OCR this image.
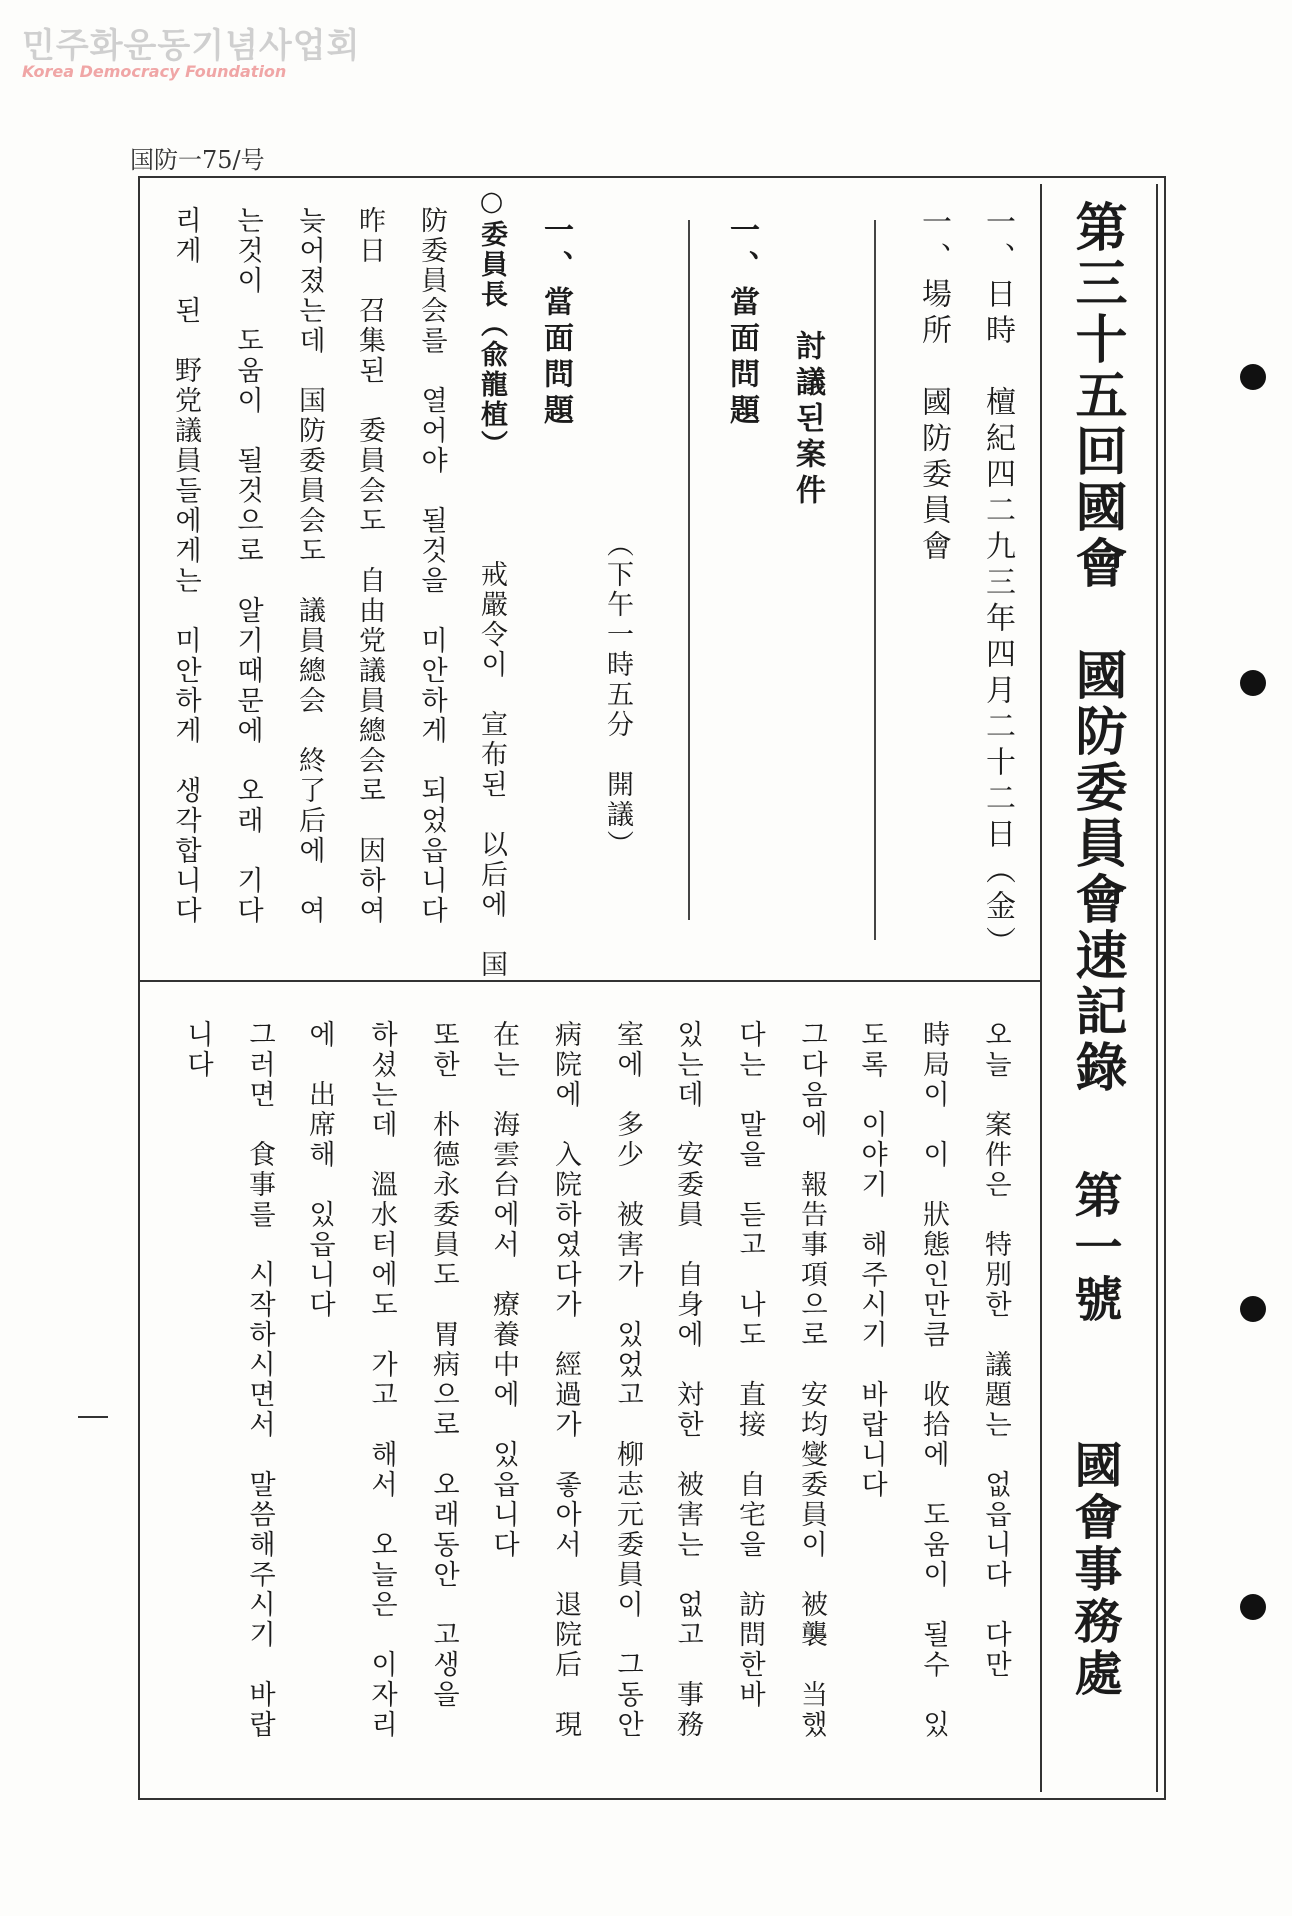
민주화운동기념사업회
Korea Democracy Foundation
国防一75/号
第三十五回國會　國防委員會速記錄
第一號
國會事務處
一、日時　檀紀四二九三年四月二十二日（金）
一、場所　國防委員會
討議된案件
一、當面問題
（下午一時五分　開議）
一、當面問題
○委員長（兪龍植）
戒嚴令이　宣布된　以后에　国
防委員会를　열어야　될것을　미안하게　되었읍니다
昨日　召集된　委員会도　自由党議員總会로　因하여
늦어졌는데　国防委員会도　議員總会　終了后에　여
는것이　도움이　될것으로　알기때문에　오래　기다
리게　된　野党議員들에게는　미안하게　생각합니다
오늘　案件은　特別한　議題는　없읍니다　다만
時局이　이　狀態인만큼　收拾에　도움이　될수　있
도록　이야기　해주시기　바랍니다
그다음에　報告事項으로　安均燮委員이　被襲　当했
다는　말을　듣고　나도　直接　自宅을　訪問한바
있는데　安委員　自身에　対한　被害는　없고　事務
室에　多少　被害가　있었고　柳志元委員이　그동안
病院에　入院하였다가　經過가　좋아서　退院后　現
在는　海雲台에서　療養中에　있읍니다
또한　朴德永委員도　胃病으로　오래동안　고생을
하셨는데　溫水터에도　가고　해서　오늘은　이자리
에　出席해　있읍니다
그러면　食事를　시작하시면서　말씀해주시기　바랍
니다
